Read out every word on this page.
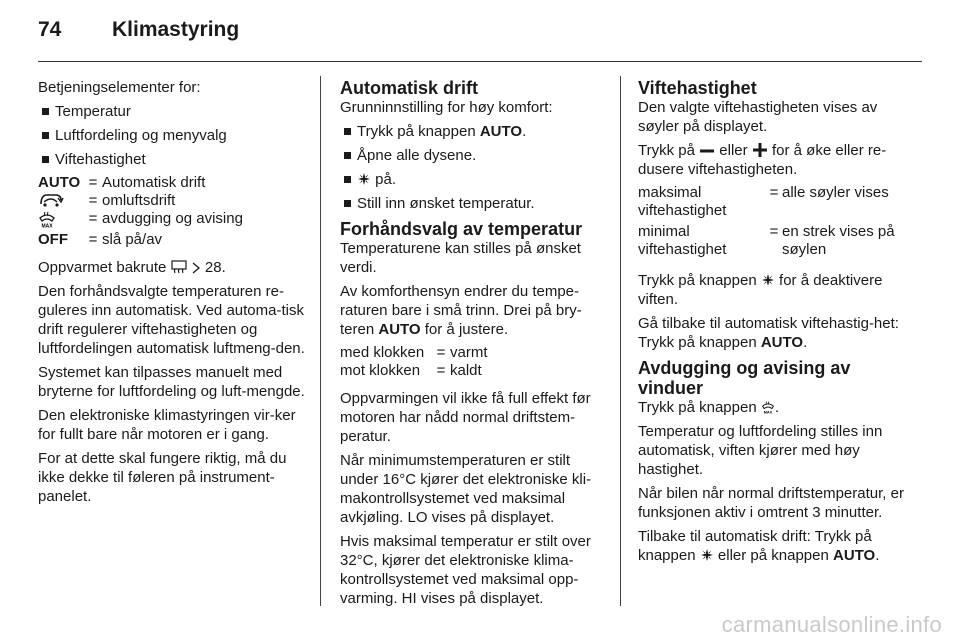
74 Klimastyring

Betjeningselementer for:

Temperatur
Luftfordeling og menyvalg
Viftehastighet
AUTO	=	Automatisk drift
	=	omluftsdrift

MAX	=	avdugging og avising
OFF	=	slå på/av

Oppvarmet bakrute	28.

Den forhåndsvalgte temperaturen re-guleres inn automatisk. Ved automa-tisk drift regulerer viftehastigheten og luftfordelingen automatisk luftmeng-den.

Systemet kan tilpasses manuelt med bryterne for luftfordeling og luft-mengde.

Den elektroniske klimastyringen vir-ker for fullt bare når motoren er i gang.

For at dette skal fungere riktig, må du ikke dekke til føleren på instrument-panelet.

Automatisk drift

Grunninnstilling for høy komfort:

Trykk på knappen AUTO.
Åpne alle dysene.
på.
Still inn ønsket temperatur.
Forhåndsvalg av temperatur

Temperaturene kan stilles på ønsket verdi.

Av komforthensyn endrer du tempe-raturen bare i små trinn. Drei på bry-teren AUTO for å justere.

med klokken	=	varmt
mot klokken	=	kaldt

Oppvarmingen vil ikke få full effekt før motoren har nådd normal driftstem-peratur.

Når minimumstemperaturen er stilt under 16°C kjører det elektroniske kli-makontrollsystemet ved maksimal avkjøling. LO vises på displayet.

Hvis maksimal temperatur er stilt over 32°C, kjører det elektroniske klima-kontrollsystemet ved maksimal opp-varming. HI vises på displayet.

Viftehastighet

Den valgte viftehastigheten vises av søyler på displayet.

Trykk på eller for å øke eller re-dusere viftehastigheten.

maksimal viftehastighet	=	alle søyler vises
minimal viftehastighet	=	en strek vises på søylen

Trykk på knappen for å deaktivere viften.

Gå tilbake til automatisk viftehastig-het: Trykk på knappen AUTO.

Avdugging og avising av vinduer

Trykk på knappen MAX .

Temperatur og luftfordeling stilles inn automatisk, viften kjører med høy hastighet.

Når bilen når normal driftstemperatur, er funksjonen aktiv i omtrent 3 minutter.

Tilbake til automatisk drift: Trykk på knappen eller på knappen AUTO.

carmanualsonline.info
